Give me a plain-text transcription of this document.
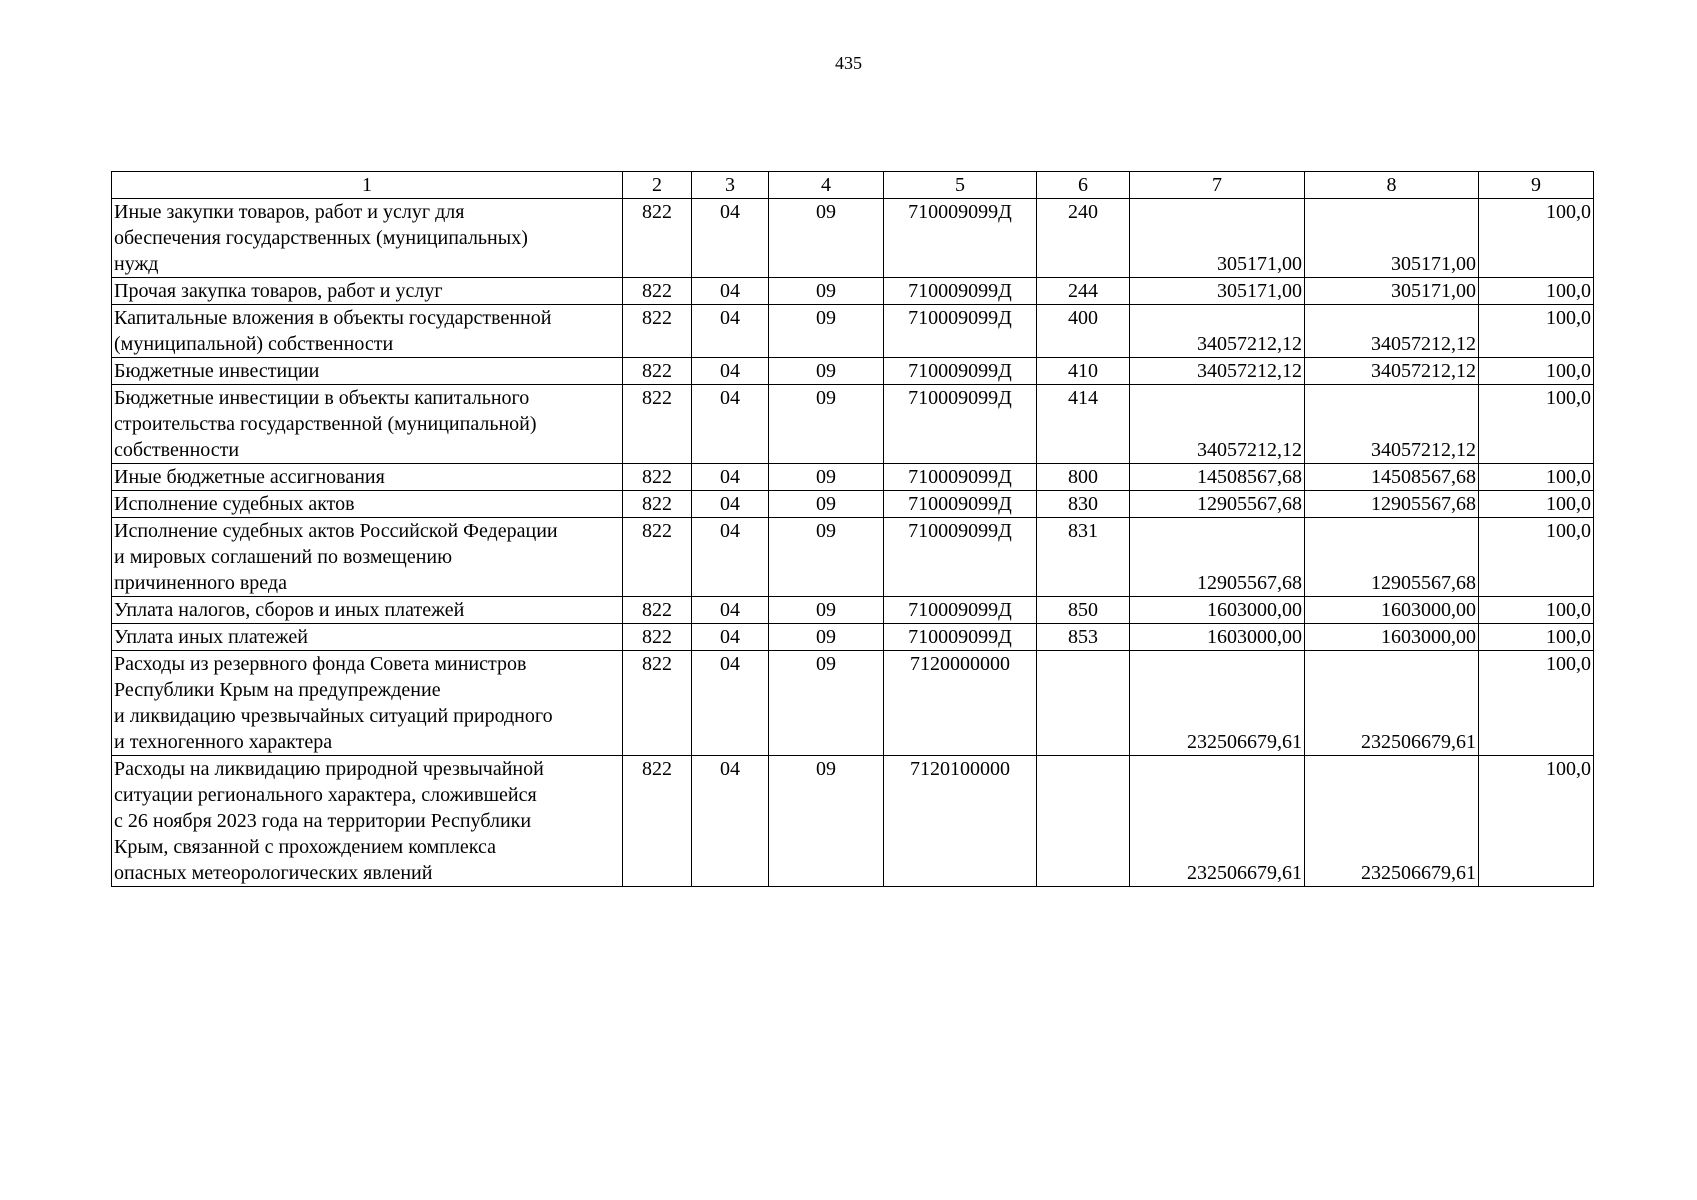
435
1	2	3	4	5	6	7	8	9

Иные закупки товаров, работ и услуг для
обеспечения государственных (муниципальных)
нужд	822	04	09	710009099Д	240	305171,00	305171,00	100,0

Прочая закупка товаров, работ и услуг	822	04	09	710009099Д	244	305171,00	305171,00	100,0

Капитальные вложения в объекты государственной
(муниципальной) собственности	822	04	09	710009099Д	400	34057212,12	34057212,12	100,0

Бюджетные инвестиции	822	04	09	710009099Д	410	34057212,12	34057212,12	100,0

Бюджетные инвестиции в объекты капитального
строительства государственной (муниципальной)
собственности	822	04	09	710009099Д	414	34057212,12	34057212,12	100,0

Иные бюджетные ассигнования	822	04	09	710009099Д	800	14508567,68	14508567,68	100,0

Исполнение судебных актов	822	04	09	710009099Д	830	12905567,68	12905567,68	100,0

Исполнение судебных актов Российской Федерации
и мировых соглашений по возмещению
причиненного вреда	822	04	09	710009099Д	831	12905567,68	12905567,68	100,0

Уплата налогов, сборов и иных платежей	822	04	09	710009099Д	850	1603000,00	1603000,00	100,0

Уплата иных платежей	822	04	09	710009099Д	853	1603000,00	1603000,00	100,0

Расходы из резервного фонда Совета министров
Республики Крым на предупреждение
и ликвидацию чрезвычайных ситуаций природного
и техногенного характера	822	04	09	7120000000		232506679,61	232506679,61	100,0

Расходы на ликвидацию природной чрезвычайной
ситуации регионального характера, сложившейся
с 26 ноября 2023 года на территории Республики
Крым, связанной с прохождением комплекса
опасных метеорологических явлений	822	04	09	7120100000		232506679,61	232506679,61	100,0
